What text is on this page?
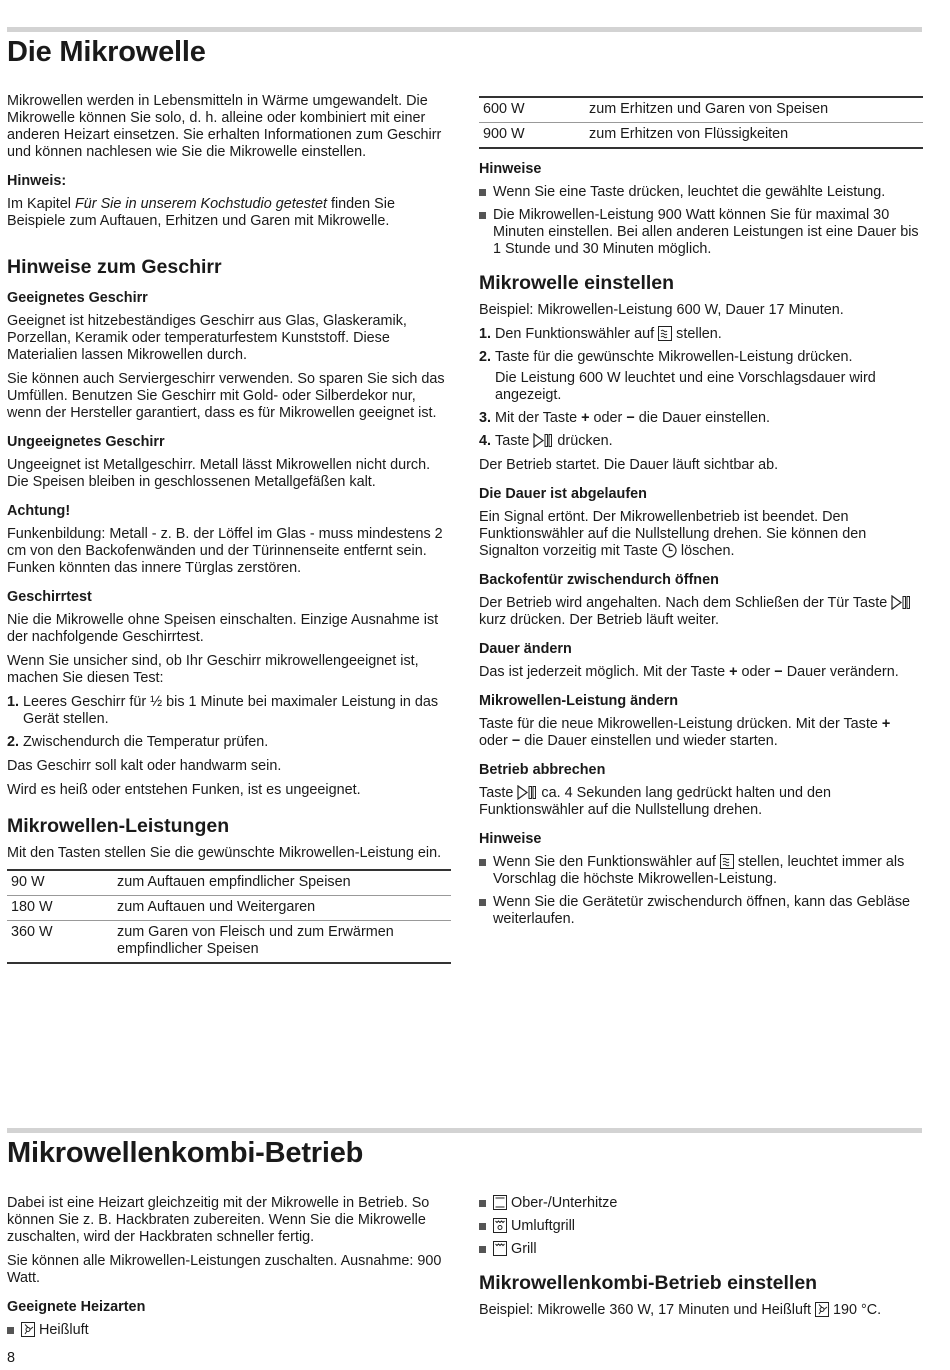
Die Mikrowelle

Mikrowellen werden in Lebensmitteln in Wärme umgewandelt. Die Mikrowelle können Sie solo, d. h. alleine oder kombiniert mit einer anderen Heizart einsetzen. Sie erhalten Informationen zum Geschirr und können nachlesen wie Sie die Mikrowelle einstellen.

Hinweis:

Im Kapitel Für Sie in unserem Kochstudio getestet finden Sie Beispiele zum Auftauen, Erhitzen und Garen mit Mikrowelle.

Hinweise zum Geschirr
Geeignetes Geschirr

Geeignet ist hitzebeständiges Geschirr aus Glas, Glaskeramik, Porzellan, Keramik oder temperaturfestem Kunststoff. Diese Materialien lassen Mikrowellen durch.

Sie können auch Serviergeschirr verwenden. So sparen Sie sich das Umfüllen. Benutzen Sie Geschirr mit Gold- oder Silberdekor nur, wenn der Hersteller garantiert, dass es für Mikrowellen geeignet ist.

Ungeeignetes Geschirr

Ungeeignet ist Metallgeschirr. Metall lässt Mikrowellen nicht durch. Die Speisen bleiben in geschlossenen Metallgefäßen kalt.

Achtung!

Funkenbildung: Metall - z. B. der Löffel im Glas - muss mindestens 2 cm von den Backofenwänden und der Türinnenseite entfernt sein. Funken könnten das innere Türglas zerstören.

Geschirrtest

Nie die Mikrowelle ohne Speisen einschalten. Einzige Ausnahme ist der nachfolgende Geschirrtest.

Wenn Sie unsicher sind, ob Ihr Geschirr mikrowellengeeignet ist, machen Sie diesen Test:

1. Leeres Geschirr für ½ bis 1 Minute bei maximaler Leistung in das Gerät stellen.
2. Zwischendurch die Temperatur prüfen.

Das Geschirr soll kalt oder handwarm sein.

Wird es heiß oder entstehen Funken, ist es ungeeignet.

Mikrowellen-Leistungen

Mit den Tasten stellen Sie die gewünschte Mikrowellen-Leistung ein.

90 W	zum Auftauen empfindlicher Speisen
180 W	zum Auftauen und Weitergaren
360 W	zum Garen von Fleisch und zum Erwärmen empfindlicher Speisen
600 W	zum Erhitzen und Garen von Speisen
900 W	zum Erhitzen von Flüssigkeiten
Hinweise
Wenn Sie eine Taste drücken, leuchtet die gewählte Leistung.
Die Mikrowellen-Leistung 900 Watt können Sie für maximal 30 Minuten einstellen. Bei allen anderen Leistungen ist eine Dauer bis 1 Stunde und 30 Minuten möglich.
Mikrowelle einstellen

Beispiel: Mikrowellen-Leistung 600 W, Dauer 17 Minuten.

1. Den Funktionswähler auf  stellen.
2. Taste für die gewünschte Mikrowellen-Leistung drücken.
Die Leistung 600 W leuchtet und eine Vorschlagsdauer wird angezeigt.
3. Mit der Taste + oder − die Dauer einstellen.
4. Taste  drücken.

Der Betrieb startet. Die Dauer läuft sichtbar ab.

Die Dauer ist abgelaufen

Ein Signal ertönt. Der Mikrowellenbetrieb ist beendet. Den Funktionswähler auf die Nullstellung drehen. Sie können den Signalton vorzeitig mit Taste  löschen.

Backofentür zwischendurch öffnen

Der Betrieb wird angehalten. Nach dem Schließen der Tür Taste  kurz drücken. Der Betrieb läuft weiter.

Dauer ändern

Das ist jederzeit möglich. Mit der Taste + oder − Dauer verändern.

Mikrowellen-Leistung ändern

Taste für die neue Mikrowellen-Leistung drücken. Mit der Taste + oder − die Dauer einstellen und wieder starten.

Betrieb abbrechen

Taste  ca. 4 Sekunden lang gedrückt halten und den Funktionswähler auf die Nullstellung drehen.

Hinweise
Wenn Sie den Funktionswähler auf  stellen, leuchtet immer als Vorschlag die höchste Mikrowellen-Leistung.
Wenn Sie die Gerätetür zwischendurch öffnen, kann das Gebläse weiterlaufen.
Mikrowellenkombi-Betrieb

Dabei ist eine Heizart gleichzeitig mit der Mikrowelle in Betrieb. So können Sie z. B. Hackbraten zubereiten. Wenn Sie die Mikrowelle zuschalten, wird der Hackbraten schneller fertig.

Sie können alle Mikrowellen-Leistungen zuschalten. Ausnahme: 900 Watt.

Geeignete Heizarten
Heißluft
Ober-/Unterhitze
Umluftgrill
Grill
Mikrowellenkombi-Betrieb einstellen

Beispiel: Mikrowelle 360 W, 17 Minuten und Heißluft  190 °C.

8
